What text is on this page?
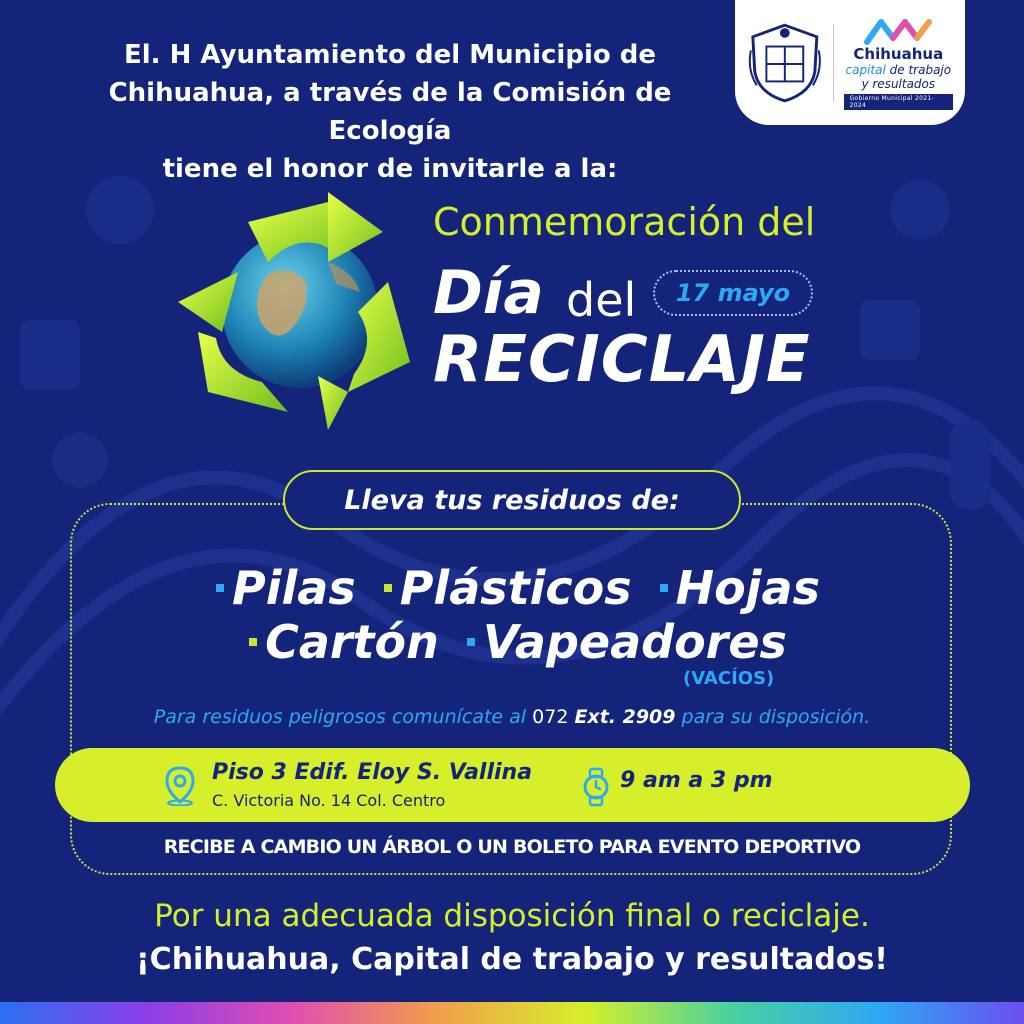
El. H Ayuntamiento del Municipio de
Chihuahua, a través de la Comisión de Ecología
tiene el honor de invitarle a la:
Chihuahua
capital de trabajo
y resultados
Gobierno Municipal 2021-2024
Conmemoración del
Día del	17 mayo
RECICLAJE
Lleva tus residuos de:
Pilas Plásticos Hojas
Cartón Vapeadores
(VACÍOS)
Para residuos peligrosos comunícate al 072 Ext. 2909 para su disposición.
Piso 3 Edif. Eloy S. Vallina
C. Victoria No. 14 Col. Centro
9 am a 3 pm
RECIBE A CAMBIO UN ÁRBOL O UN BOLETO PARA EVENTO DEPORTIVO
Por una adecuada disposición final o reciclaje.
¡Chihuahua, Capital de trabajo y resultados!
